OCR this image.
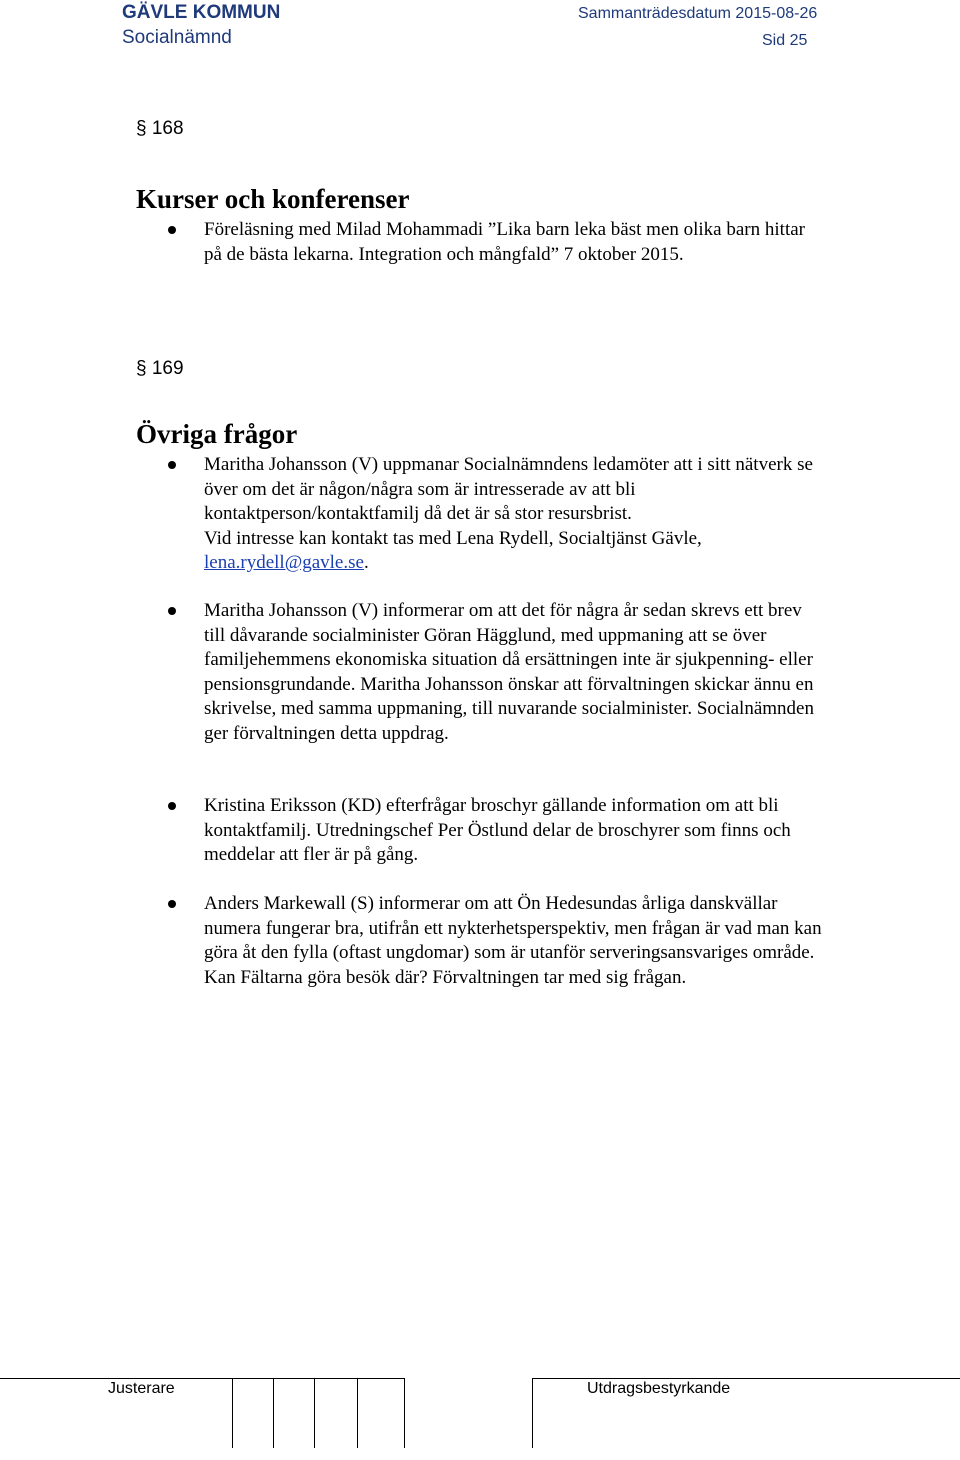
GÄVLE KOMMUN
Socialnämnd
Sammanträdesdatum 2015-08-26
Sid 25
§ 168
Kurser och konferenser
Föreläsning med Milad Mohammadi ”Lika barn leka bäst men olika barn hittar på de bästa lekarna. Integration och mångfald” 7 oktober 2015.
§ 169
Övriga frågor
Maritha Johansson (V) uppmanar Socialnämndens ledamöter att i sitt nätverk se över om det är någon/några som är intresserade av att bli kontaktperson/kontaktfamilj då det är så stor resursbrist.
Vid intresse kan kontakt tas med Lena Rydell, Socialtjänst Gävle,
lena.rydell@gavle.se.
Maritha Johansson (V) informerar om att det för några år sedan skrevs ett brev till dåvarande socialminister Göran Hägglund, med uppmaning att se över familjehemmens ekonomiska situation då ersättningen inte är sjukpenning- eller pensionsgrundande. Maritha Johansson önskar att förvaltningen skickar ännu en skrivelse, med samma uppmaning, till nuvarande socialminister. Socialnämnden ger förvaltningen detta uppdrag.
Kristina Eriksson (KD) efterfrågar broschyr gällande information om att bli kontaktfamilj. Utredningschef Per Östlund delar de broschyrer som finns och meddelar att fler är på gång.
Anders Markewall (S) informerar om att Ön Hedesundas årliga danskvällar numera fungerar bra, utifrån ett nykterhetsperspektiv, men frågan är vad man kan göra åt den fylla (oftast ungdomar) som är utanför serveringsansvariges område. Kan Fältarna göra besök där? Förvaltningen tar med sig frågan.
Justerare	Utdragsbestyrkande
